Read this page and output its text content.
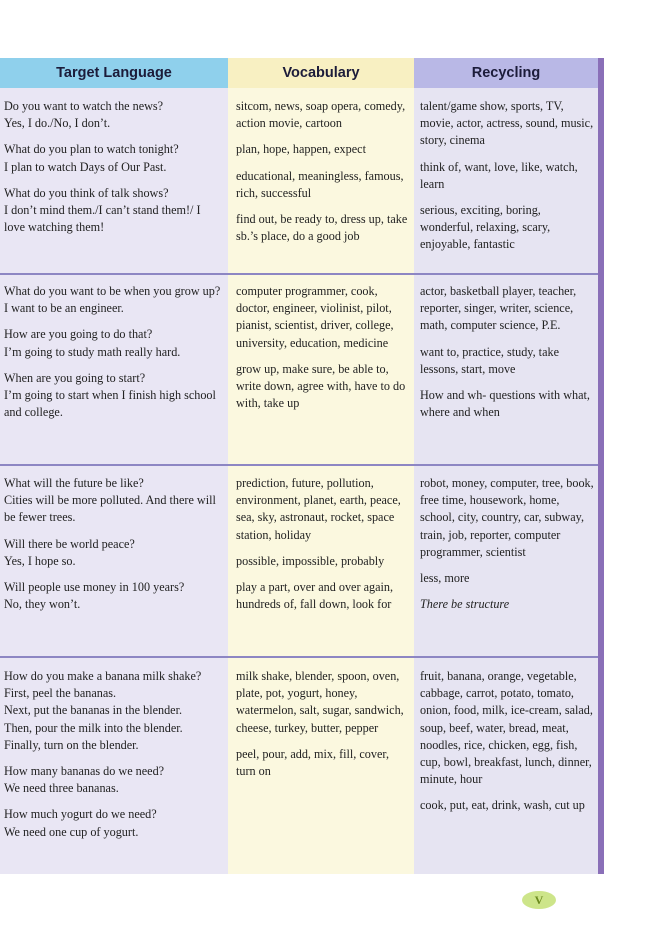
Target Language	Vocabulary	Recycling

Do you want to watch the news?
Yes, I do./No, I don’t.

What do you plan to watch tonight?
I plan to watch Days of Our Past.

What do you think of talk shows?
I don’t mind them./I can’t stand them!/ I love watching them!

sitcom, news, soap opera, comedy, action movie, cartoon

plan, hope, happen, expect

educational, meaningless, famous, rich, successful

find out, be ready to, dress up, take sb.’s place, do a good job

talent/game show, sports, TV, movie, actor, actress, sound, music, story, cinema

think of, want, love, like, watch, learn

serious, exciting, boring, wonderful, relaxing, scary, enjoyable, fantastic

What do you want to be when you grow up?
I want to be an engineer.

How are you going to do that?
I’m going to study math really hard.

When are you going to start?
I’m going to start when I finish high school and college.

computer programmer, cook, doctor, engineer, violinist, pilot, pianist, scientist, driver, college, university, education, medicine

grow up, make sure, be able to, write down, agree with, have to do with, take up

actor, basketball player, teacher, reporter, singer, writer, science, math, computer science, P.E.

want to, practice, study, take lessons, start, move

How and wh- questions with what, where and when

What will the future be like?
Cities will be more polluted. And there will be fewer trees.

Will there be world peace?
Yes, I hope so.

Will people use money in 100 years?
No, they won’t.

prediction, future, pollution, environment, planet, earth, peace, sea, sky, astronaut, rocket, space station, holiday

possible, impossible, probably

play a part, over and over again, hundreds of, fall down, look for

robot, money, computer, tree, book, free time, housework, home, school, city, country, car, subway, train, job, reporter, computer programmer, scientist

less, more

There be structure

How do you make a banana milk shake?
First, peel the bananas.
Next, put the bananas in the blender.
Then, pour the milk into the blender.
Finally, turn on the blender.

How many bananas do we need?
We need three bananas.

How much yogurt do we need?
We need one cup of yogurt.

milk shake, blender, spoon, oven, plate, pot, yogurt, honey, watermelon, salt, sugar, sandwich, cheese, turkey, butter, pepper

peel, pour, add, mix, fill, cover, turn on

fruit, banana, orange, vegetable, cabbage, carrot, potato, tomato, onion, food, milk, ice-cream, salad, soup, beef, water, bread, meat, noodles, rice, chicken, egg, fish, cup, bowl, breakfast, lunch, dinner, minute, hour

cook, put, eat, drink, wash, cut up

V
